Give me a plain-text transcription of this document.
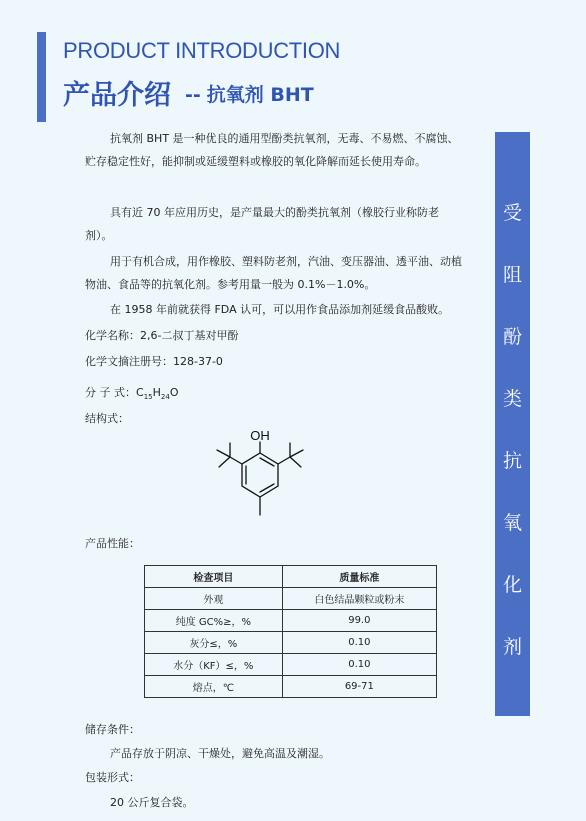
PRODUCT INTRODUCTION
产品介绍 -- 抗氧剂 BHT
受
阻
酚
类
抗
氧
化
剂
抗氧剂 BHT 是一种优良的通用型酚类抗氧剂，无毒、不易燃、不腐蚀、贮存稳定性好，能抑制或延缓塑料或橡胶的氧化降解而延长使用寿命。
具有近 70 年应用历史，是产量最大的酚类抗氧剂（橡胶行业称防老剂）。
用于有机合成，用作橡胶、塑料防老剂，汽油、变压器油、透平油、动植物油、食品等的抗氧化剂。参考用量一般为 0.1%－1.0%。
在 1958 年前就获得 FDA 认可，可以用作食品添加剂延缓食品酸败。
化学名称：2,6-二叔丁基对甲酚
化学文摘注册号：128-37-0
分 子 式：$C_{15}H_{24}O$
结构式：
OH
产品性能：
检查项目	质量标准
外观	白色结晶颗粒或粉末
纯度 GC%≥，%	99.0
灰分≤，%	0.10
水分（KF）≤，%	0.10
熔点，℃	69-71
储存条件：
产品存放于阴凉、干燥处，避免高温及潮湿。
包装形式：
20 公斤复合袋。
